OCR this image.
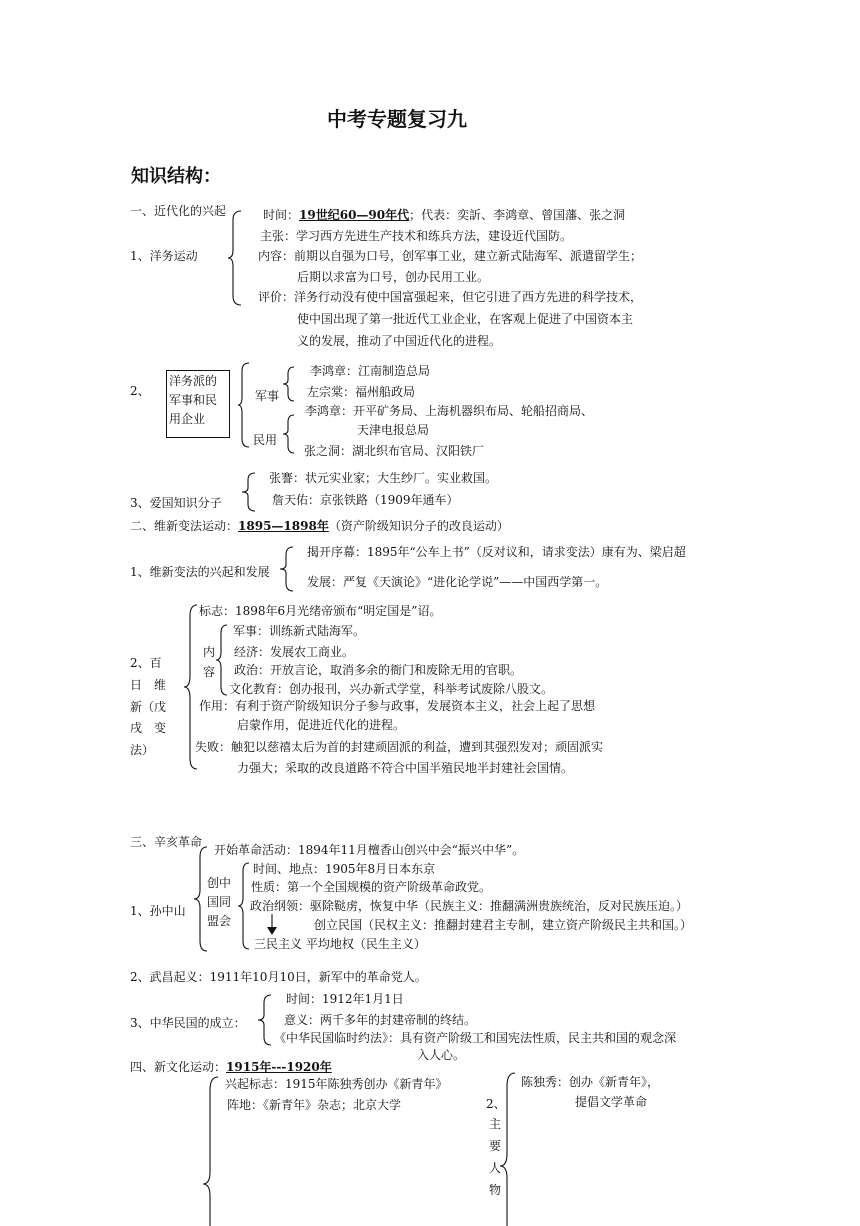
中考专题复习九
知识结构：
一、近代化的兴起
1、洋务运动
时间：19世纪60—90年代；代表：奕訢、李鸿章、曾国藩、张之洞
主张：学习西方先进生产技术和练兵方法，建设近代国防。
内容：前期以自强为口号，创军事工业，建立新式陆海军、派遣留学生；
后期以求富为口号，创办民用工业。
评价：洋务行动没有使中国富强起来，但它引进了西方先进的科学技术，
使中国出现了第一批近代工业企业，在客观上促进了中国资本主
义的发展，推动了中国近代化的进程。
2、
洋务派的军事和民用企业
军事
李鸿章：江南制造总局
左宗棠：福州船政局
民用
李鸿章：开平矿务局、上海机器织布局、轮船招商局、
天津电报总局
张之洞：湖北织布官局、汉阳铁厂
3、爱国知识分子
张謇：状元实业家；大生纱厂。实业救国。
詹天佑：京张铁路（1909年通车）
二、维新变法运动：1895—1898年（资产阶级知识分子的改良运动）
1、维新变法的兴起和发展
揭开序幕：1895年“公车上书”（反对议和，请求变法）康有为、梁启超
发展：严复《天演论》“进化论学说”——中国西学第一。
2、百
日　维
新（戊
戌　变
法）
标志：1898年6月光绪帝颁布“明定国是”诏。
内
容
军事：训练新式陆海军。
经济：发展农工商业。
政治：开放言论，取消多余的衙门和废除无用的官职。
文化教育：创办报刊，兴办新式学堂，科举考试废除八股文。
作用：有利于资产阶级知识分子参与政事，发展资本主义，社会上起了思想
启蒙作用，促进近代化的进程。
失败：触犯以慈禧太后为首的封建顽固派的利益，遭到其强烈发对；顽固派实
力强大；采取的改良道路不符合中国半殖民地半封建社会国情。
三、辛亥革命
1、孙中山
开始革命活动：1894年11月檀香山创兴中会“振兴中华”。
创中
国同
盟会
时间、地点：1905年8月日本东京
性质：第一个全国规模的资产阶级革命政党。
政治纲领：驱除鞑虏，恢复中华（民族主义：推翻满洲贵族统治，反对民族压迫。）
创立民国（民权主义：推翻封建君主专制，建立资产阶级民主共和国。）
三民主义 平均地权（民生主义）
2、武昌起义：1911年10月10日，新军中的革命党人。
3、中华民国的成立：
时间：1912年1月1日
意义：两千多年的封建帝制的终结。
《中华民国临时约法》：具有资产阶级工和国宪法性质，民主共和国的观念深
入人心。
四、新文化运动：1915年---1920年
兴起标志：1915年陈独秀创办《新青年》
阵地：《新青年》杂志；北京大学	2、
主
要
人
物
陈独秀：创办《新青年》，
提倡文学革命
